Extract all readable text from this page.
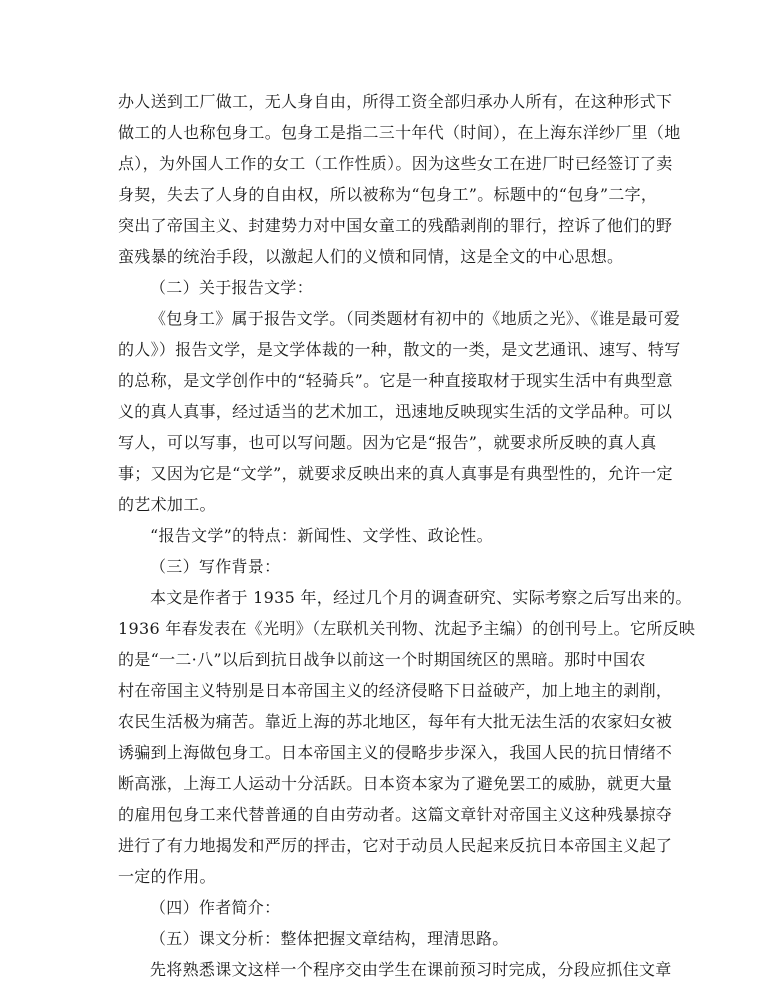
办人送到工厂做工，无人身自由，所得工资全部归承办人所有，在这种形式下
做工的人也称包身工。包身工是指二三十年代（时间），在上海东洋纱厂里（地
点），为外国人工作的女工（工作性质）。因为这些女工在进厂时已经签订了卖
身契，失去了人身的自由权，所以被称为“包身工”。标题中的“包身”二字，
突出了帝国主义、封建势力对中国女童工的残酷剥削的罪行，控诉了他们的野
蛮残暴的统治手段，以激起人们的义愤和同情，这是全文的中心思想。
（二）关于报告文学：
《包身工》属于报告文学。（同类题材有初中的《地质之光》、《谁是最可爱
的人》）报告文学，是文学体裁的一种，散文的一类，是文艺通讯、速写、特写
的总称，是文学创作中的“轻骑兵”。它是一种直接取材于现实生活中有典型意
义的真人真事，经过适当的艺术加工，迅速地反映现实生活的文学品种。可以
写人，可以写事，也可以写问题。因为它是“报告”，就要求所反映的真人真
事；又因为它是“文学”，就要求反映出来的真人真事是有典型性的，允许一定
的艺术加工。
“报告文学”的特点：新闻性、文学性、政论性。
（三）写作背景：
本文是作者于 1935 年，经过几个月的调查研究、实际考察之后写出来的。
1936 年春发表在《光明》（左联机关刊物、沈起予主编）的创刊号上。它所反映
的是“一二·八”以后到抗日战争以前这一个时期国统区的黑暗。那时中国农
村在帝国主义特别是日本帝国主义的经济侵略下日益破产，加上地主的剥削，
农民生活极为痛苦。靠近上海的苏北地区，每年有大批无法生活的农家妇女被
诱骗到上海做包身工。日本帝国主义的侵略步步深入，我国人民的抗日情绪不
断高涨，上海工人运动十分活跃。日本资本家为了避免罢工的威胁，就更大量
的雇用包身工来代替普通的自由劳动者。这篇文章针对帝国主义这种残暴掠夺
进行了有力地揭发和严厉的抨击，它对于动员人民起来反抗日本帝国主义起了
一定的作用。
（四）作者简介：
（五）课文分析：整体把握文章结构，理清思路。
先将熟悉课文这样一个程序交由学生在课前预习时完成，分段应抓住文章
